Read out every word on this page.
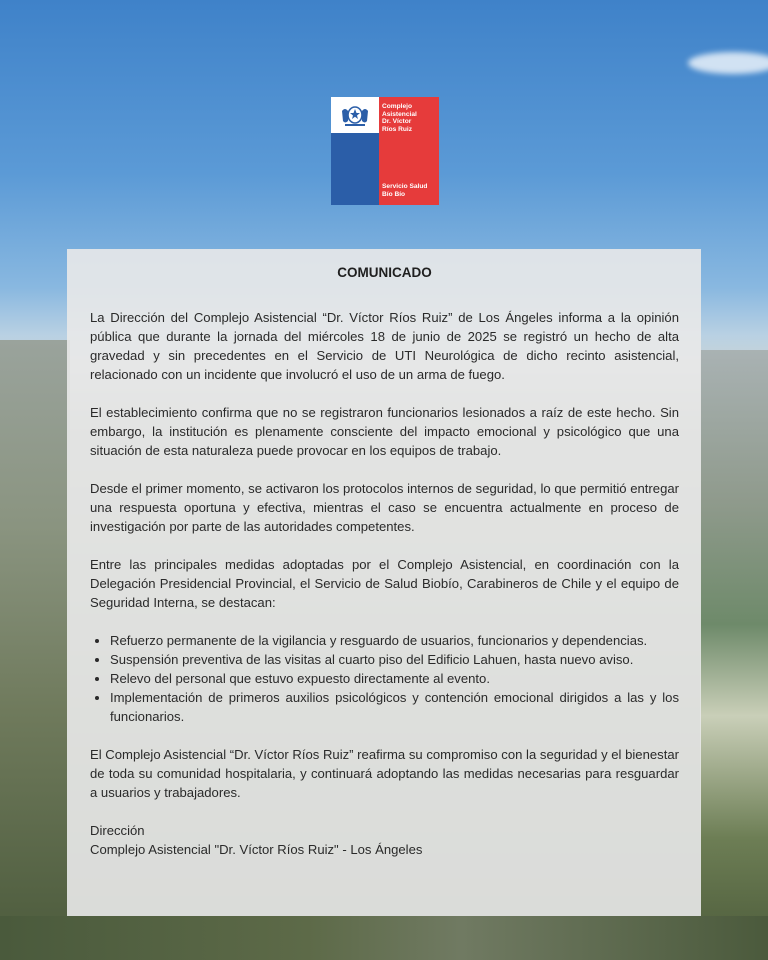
Complejo
Asistencial
Dr. Víctor
Ríos Ruiz
Servicio Salud
Bío Bío
COMUNICADO

La Dirección del Complejo Asistencial “Dr. Víctor Ríos Ruiz” de Los Ángeles informa a la opinión pública que durante la jornada del miércoles 18 de junio de 2025 se registró un hecho de alta gravedad y sin precedentes en el Servicio de UTI Neurológica de dicho recinto asistencial, relacionado con un incidente que involucró el uso de un arma de fuego.

El establecimiento confirma que no se registraron funcionarios lesionados a raíz de este hecho. Sin embargo, la institución es plenamente consciente del impacto emocional y psicológico que una situación de esta naturaleza puede provocar en los equipos de trabajo.

Desde el primer momento, se activaron los protocolos internos de seguridad, lo que permitió entregar una respuesta oportuna y efectiva, mientras el caso se encuentra actualmente en proceso de investigación por parte de las autoridades competentes.

Entre las principales medidas adoptadas por el Complejo Asistencial, en coordinación con la Delegación Presidencial Provincial, el Servicio de Salud Biobío, Carabineros de Chile y el equipo de Seguridad Interna, se destacan:

• Refuerzo permanente de la vigilancia y resguardo de usuarios, funcionarios y dependencias.
• Suspensión preventiva de las visitas al cuarto piso del Edificio Lahuen, hasta nuevo aviso.
• Relevo del personal que estuvo expuesto directamente al evento.
• Implementación de primeros auxilios psicológicos y contención emocional dirigidos a las y los funcionarios.

El Complejo Asistencial “Dr. Víctor Ríos Ruiz” reafirma su compromiso con la seguridad y el bienestar de toda su comunidad hospitalaria, y continuará adoptando las medidas necesarias para resguardar a usuarios y trabajadores.

Dirección

Complejo Asistencial "Dr. Víctor Ríos Ruiz" - Los Ángeles
